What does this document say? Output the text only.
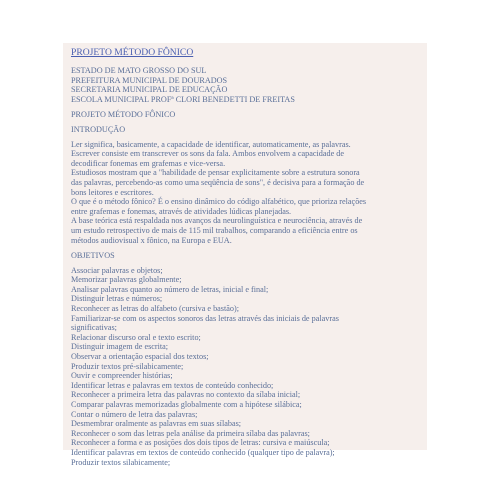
PROJETO MÉTODO FÔNICO
ESTADO DE MATO GROSSO DO SUL
PREFEITURA MUNICIPAL DE DOURADOS
SECRETARIA MUNICIPAL DE EDUCAÇÃO
ESCOLA MUNICIPAL PROFª CLORI BENEDETTI DE FREITAS
PROJETO MÉTODO FÔNICO
INTRODUÇÃO
Ler significa, basicamente, a capacidade de identificar, automaticamente, as palavras.
Escrever consiste em transcrever os sons da fala. Ambos envolvem a capacidade de
decodificar fonemas em grafemas e vice-versa.
Estudiosos mostram que a "habilidade de pensar explicitamente sobre a estrutura sonora
das palavras, percebendo-as como uma seqüência de sons", é decisiva para a formação de
bons leitores e escritores.
O que é o método fônico? É o ensino dinâmico do código alfabético, que prioriza relações
entre grafemas e fonemas, através de atividades lúdicas planejadas.
A base teórica está respaldada nos avanços da neurolinguística e neurociência, através de
um estudo retrospectivo de mais de 115 mil trabalhos, comparando a eficiência entre os
métodos audiovisual x fônico, na Europa e EUA.
OBJETIVOS
Associar palavras e objetos;
Memorizar palavras globalmente;
Analisar palavras quanto ao número de letras, inicial e final;
Distinguir letras e números;
Reconhecer as letras do alfabeto (cursiva e bastão);
Familiarizar-se com os aspectos sonoros das letras através das iniciais de palavras
significativas;
Relacionar discurso oral e texto escrito;
Distinguir imagem de escrita;
Observar a orientação espacial dos textos;
Produzir textos pré-silabicamente;
Ouvir e compreender histórias;
Identificar letras e palavras em textos de conteúdo conhecido;
Reconhecer a primeira letra das palavras no contexto da sílaba inicial;
Comparar palavras memorizadas globalmente com a hipótese silábica;
Contar o número de letra das palavras;
Desmembrar oralmente as palavras em suas sílabas;
Reconhecer o som das letras pela análise da primeira sílaba das palavras;
Reconhecer a forma e as posições dos dois tipos de letras: cursiva e maiúscula;
Identificar palavras em textos de conteúdo conhecido (qualquer tipo de palavra);
Produzir textos silabicamente;
